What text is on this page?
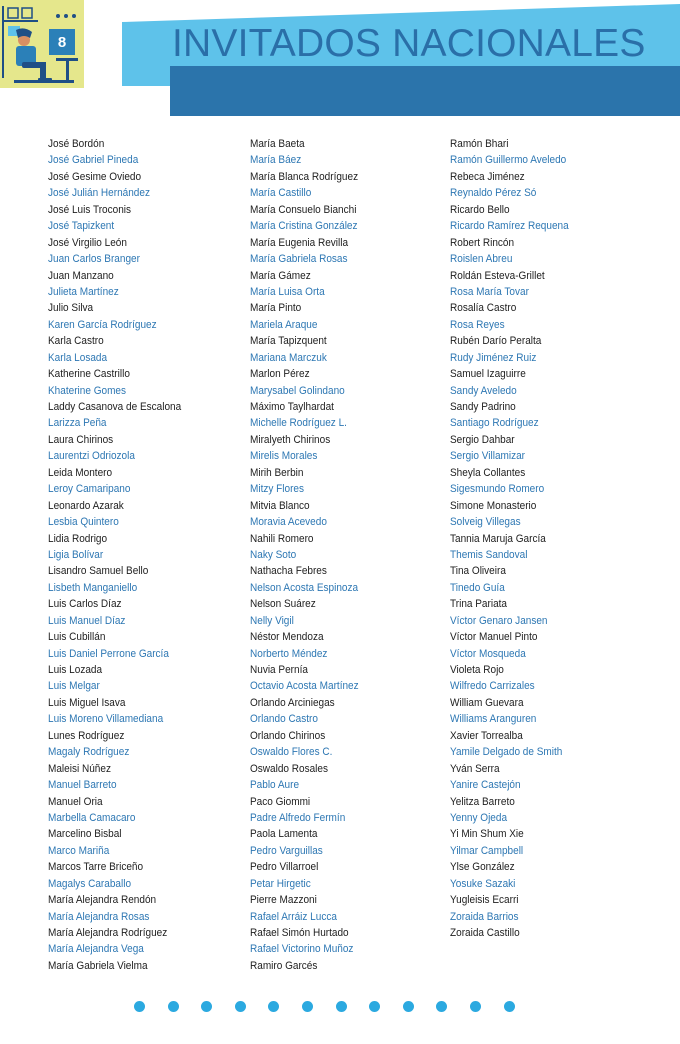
8	INVITADOS NACIONALES
José Bordón
José Gabriel Pineda
José Gesime Oviedo
José Julián Hernández
José Luis Troconis
José Tapizkent
José Virgilio León
Juan Carlos Branger
Juan Manzano
Julieta Martínez
Julio Silva
Karen García Rodríguez
Karla Castro
Karla Losada
Katherine Castrillo
Khaterine Gomes
Laddy Casanova de Escalona
Larizza Peña
Laura Chirinos
Laurentzi Odriozola
Leida Montero
Leroy Camaripano
Leonardo Azarak
Lesbia Quintero
Lidia Rodrigo
Ligia Bolívar
Lisandro Samuel Bello
Lisbeth Manganiello
Luis Carlos Díaz
Luis Manuel Díaz
Luis Cubillán
Luis Daniel Perrone García
Luis Lozada
Luis Melgar
Luis Miguel Isava
Luis Moreno Villamediana
Lunes Rodríguez
Magaly Rodríguez
Maleisi Núñez
Manuel Barreto
Manuel Oria
Marbella Camacaro
Marcelino Bisbal
Marco Mariña
Marcos Tarre Briceño
Magalys Caraballo
María Alejandra Rendón
María Alejandra Rosas
María Alejandra Rodríguez
María Alejandra Vega
María Gabriela Vielma
María Baeta
María Báez
María Blanca Rodríguez
María Castillo
María Consuelo Bianchi
María Cristina González
María Eugenia Revilla
María Gabriela Rosas
María Gámez
María Luisa Orta
María Pinto
Mariela Araque
María Tapizquent
Mariana Marczuk
Marlon Pérez
Marysabel Golindano
Máximo Taylhardat
Michelle Rodríguez L.
Miralyeth Chirinos
Mirelis Morales
Mirih Berbin
Mitzy Flores
Mitvia Blanco
Moravia Acevedo
Nahili Romero
Naky Soto
Nathacha Febres
Nelson Acosta Espinoza
Nelson Suárez
Nelly Vigil
Néstor Mendoza
Norberto Méndez
Nuvia Pernía
Octavio Acosta Martínez
Orlando Arciniegas
Orlando Castro
Orlando Chirinos
Oswaldo Flores C.
Oswaldo Rosales
Pablo Aure
Paco Giommi
Padre Alfredo Fermín
Paola Lamenta
Pedro Varguillas
Pedro Villarroel
Petar Hirgetic
Pierre Mazzoni
Rafael Arráiz Lucca
Rafael Simón Hurtado
Rafael Victorino Muñoz
Ramiro Garcés
Ramón Bhari
Ramón Guillermo Aveledo
Rebeca Jiménez
Reynaldo Pérez Só
Ricardo Bello
Ricardo Ramírez Requena
Robert Rincón
Roislen Abreu
Roldán Esteva-Grillet
Rosa María Tovar
Rosalía Castro
Rosa Reyes
Rubén Darío Peralta
Rudy Jiménez Ruiz
Samuel Izaguirre
Sandy Aveledo
Sandy Padrino
Santiago Rodríguez
Sergio Dahbar
Sergio Villamizar
Sheyla Collantes
Sigesmundo Romero
Simone Monasterio
Solveig Villegas
Tannia Maruja García
Themis Sandoval
Tina Oliveira
Tinedo Guía
Trina Pariata
Víctor Genaro Jansen
Víctor Manuel Pinto
Víctor Mosqueda
Violeta Rojo
Wilfredo Carrizales
William Guevara
Williams Aranguren
Xavier Torrealba
Yamile Delgado de Smith
Yván Serra
Yanire Castejón
Yelitza Barreto
Yenny Ojeda
Yi Min Shum Xie
Yilmar Campbell
Ylse González
Yosuke Sazaki
Yugleisis Ecarri
Zoraida Barrios
Zoraida Castillo
